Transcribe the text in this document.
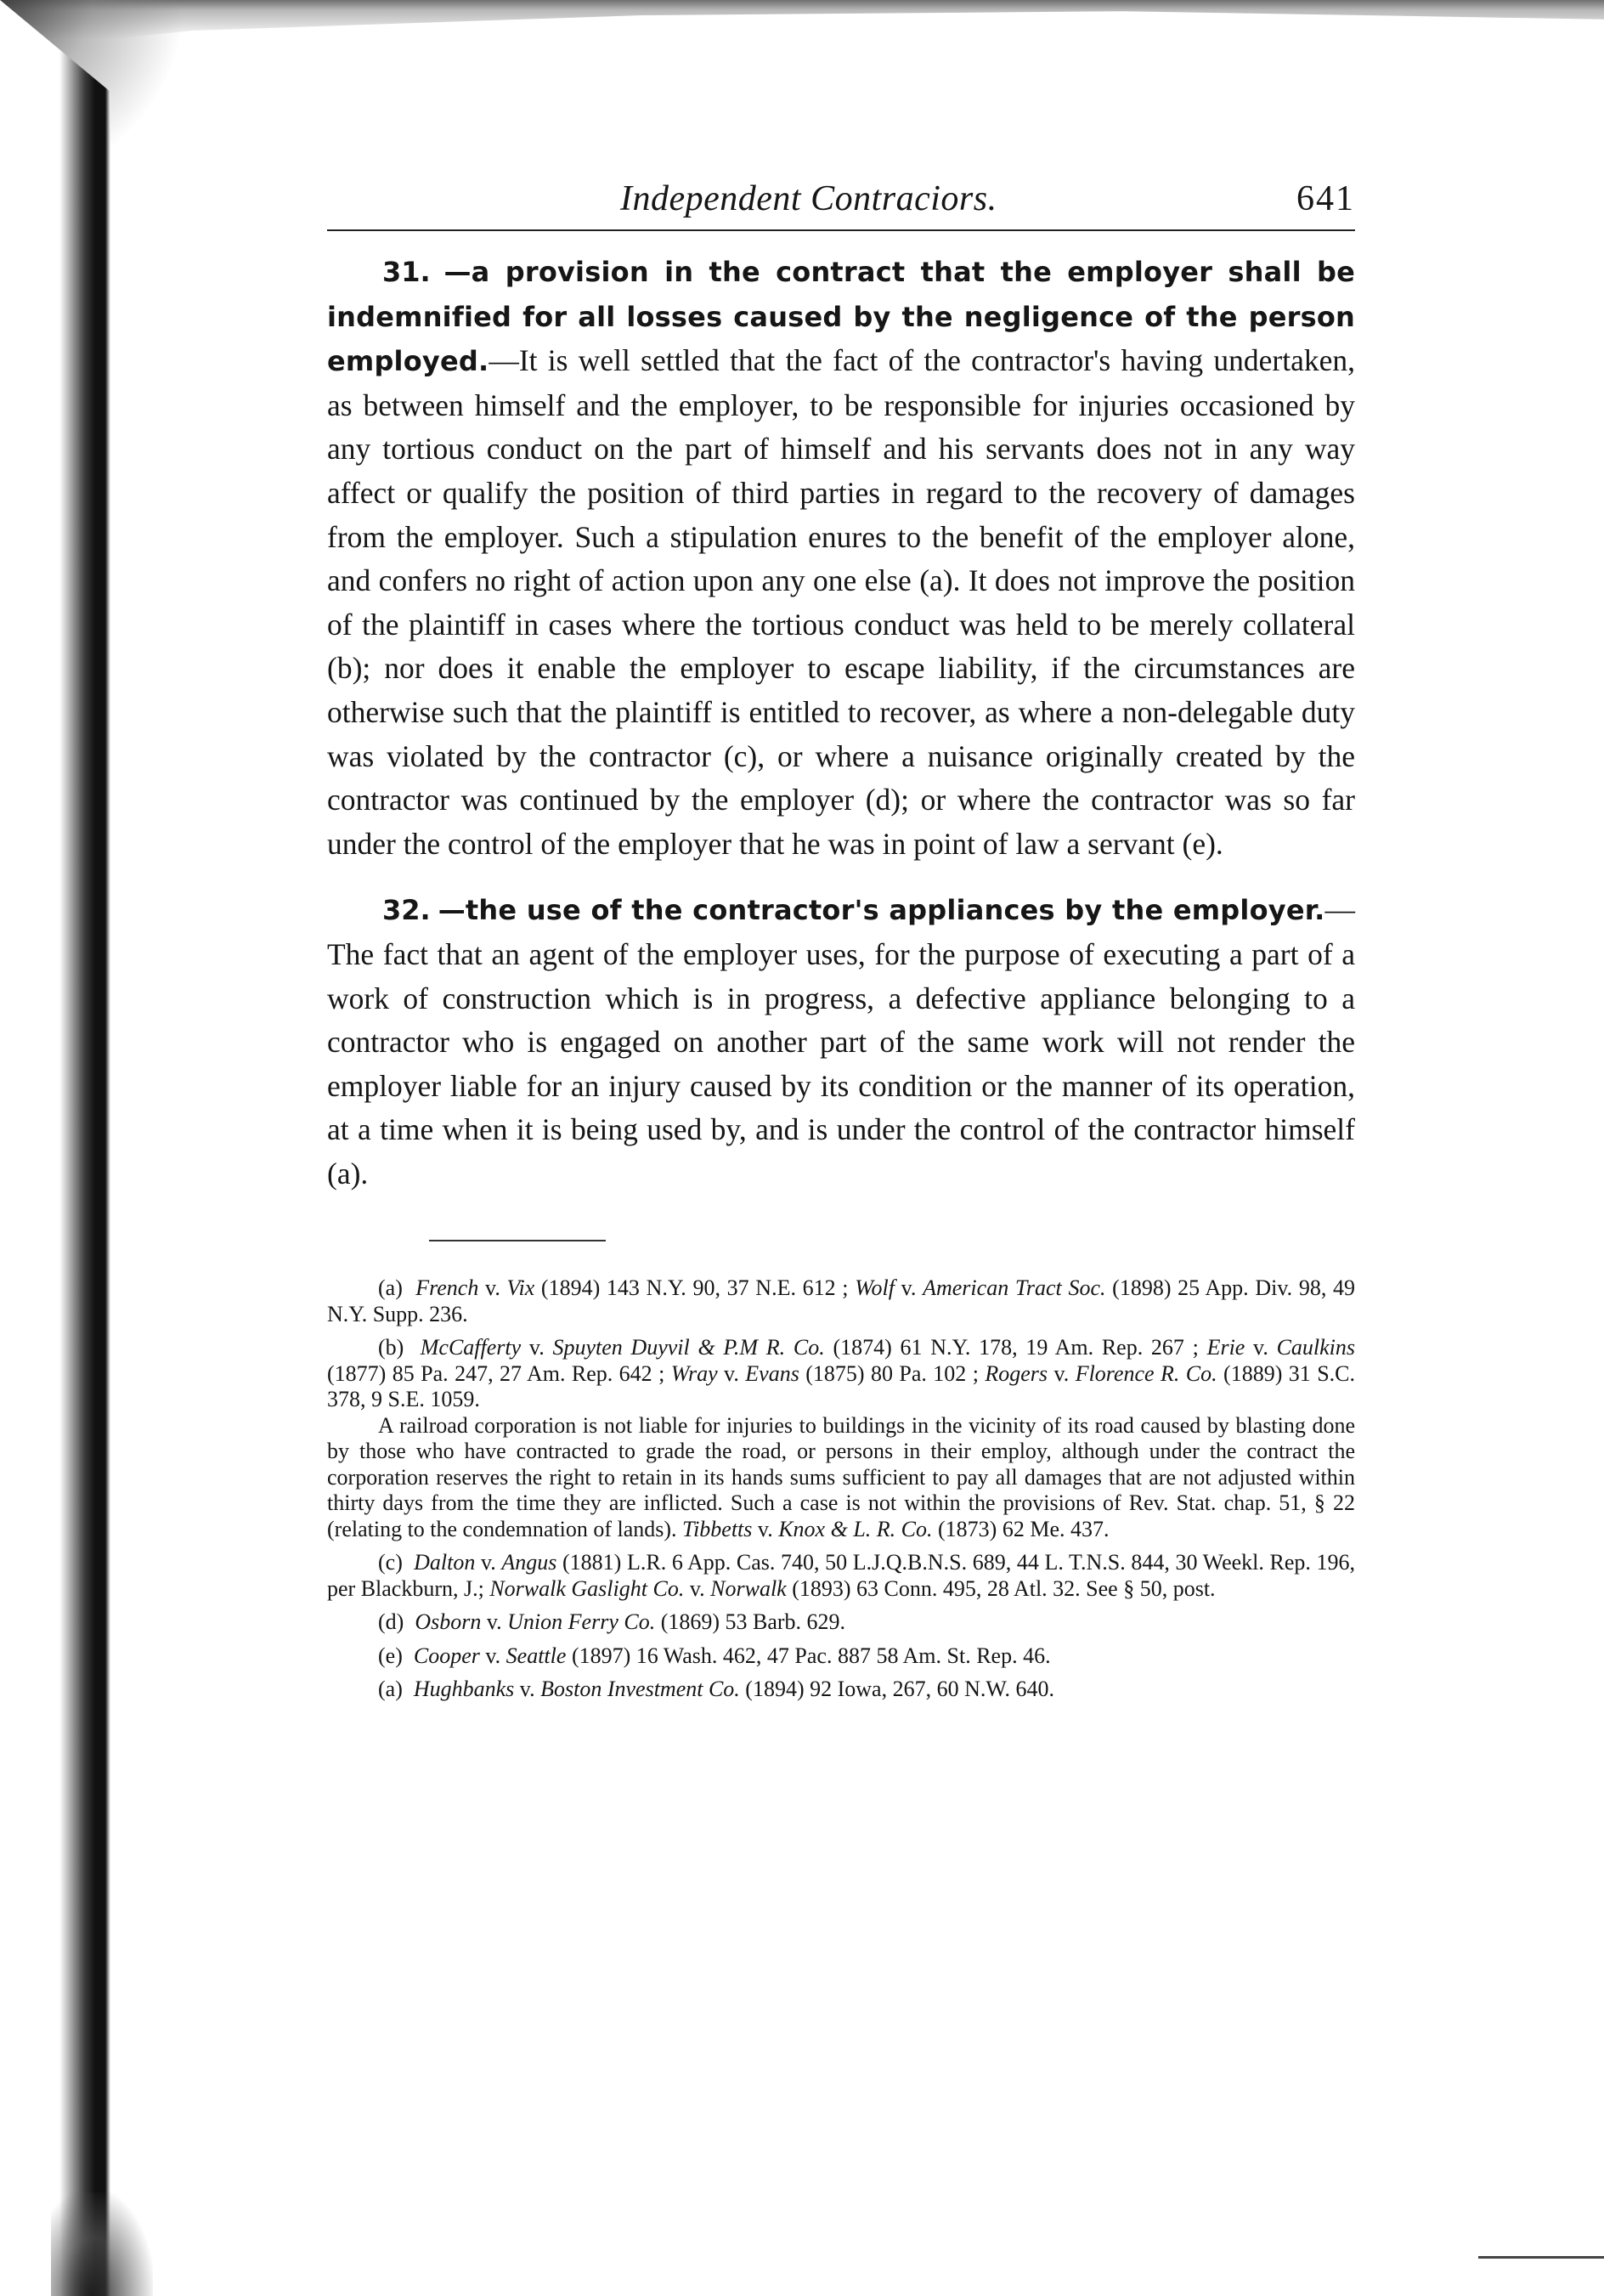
Independent Contraciors.	641

31. —a provision in the contract that the employer shall be indemnified for all losses caused by the negligence of the person employed.—It is well settled that the fact of the contractor's having undertaken, as between himself and the employer, to be responsible for injuries occasioned by any tortious conduct on the part of himself and his servants does not in any way affect or qualify the position of third parties in regard to the recovery of damages from the employer. Such a stipulation enures to the benefit of the employer alone, and confers no right of action upon any one else (a). It does not improve the position of the plaintiff in cases where the tortious conduct was held to be merely collateral (b); nor does it enable the employer to escape liability, if the circumstances are otherwise such that the plaintiff is entitled to recover, as where a non-delegable duty was violated by the contractor (c), or where a nuisance originally created by the contractor was continued by the employer (d); or where the contractor was so far under the control of the employer that he was in point of law a servant (e).

32. —the use of the contractor's appliances by the employer.— The fact that an agent of the employer uses, for the purpose of executing a part of a work of construction which is in progress, a defective appliance belonging to a contractor who is engaged on another part of the same work will not render the employer liable for an injury caused by its condition or the manner of its operation, at a time when it is being used by, and is under the control of the contractor himself (a).

(a) French v. Vix (1894) 143 N.Y. 90, 37 N.E. 612 ; Wolf v. American Tract Soc. (1898) 25 App. Div. 98, 49 N.Y. Supp. 236.

(b) McCafferty v. Spuyten Duyvil & P.M R. Co. (1874) 61 N.Y. 178, 19 Am. Rep. 267 ; Erie v. Caulkins (1877) 85 Pa. 247, 27 Am. Rep. 642 ; Wray v. Evans (1875) 80 Pa. 102 ; Rogers v. Florence R. Co. (1889) 31 S.C. 378, 9 S.E. 1059.

A railroad corporation is not liable for injuries to buildings in the vicinity of its road caused by blasting done by those who have contracted to grade the road, or persons in their employ, although under the contract the corporation reserves the right to retain in its hands sums sufficient to pay all damages that are not adjusted within thirty days from the time they are inflicted. Such a case is not within the provisions of Rev. Stat. chap. 51, § 22 (relating to the condemnation of lands). Tibbetts v. Knox & L. R. Co. (1873) 62 Me. 437.

(c) Dalton v. Angus (1881) L.R. 6 App. Cas. 740, 50 L.J.Q.B.N.S. 689, 44 L. T.N.S. 844, 30 Weekl. Rep. 196, per Blackburn, J.; Norwalk Gaslight Co. v. Norwalk (1893) 63 Conn. 495, 28 Atl. 32. See § 50, post.

(d) Osborn v. Union Ferry Co. (1869) 53 Barb. 629.

(e) Cooper v. Seattle (1897) 16 Wash. 462, 47 Pac. 887 58 Am. St. Rep. 46.

(a) Hughbanks v. Boston Investment Co. (1894) 92 Iowa, 267, 60 N.W. 640.
